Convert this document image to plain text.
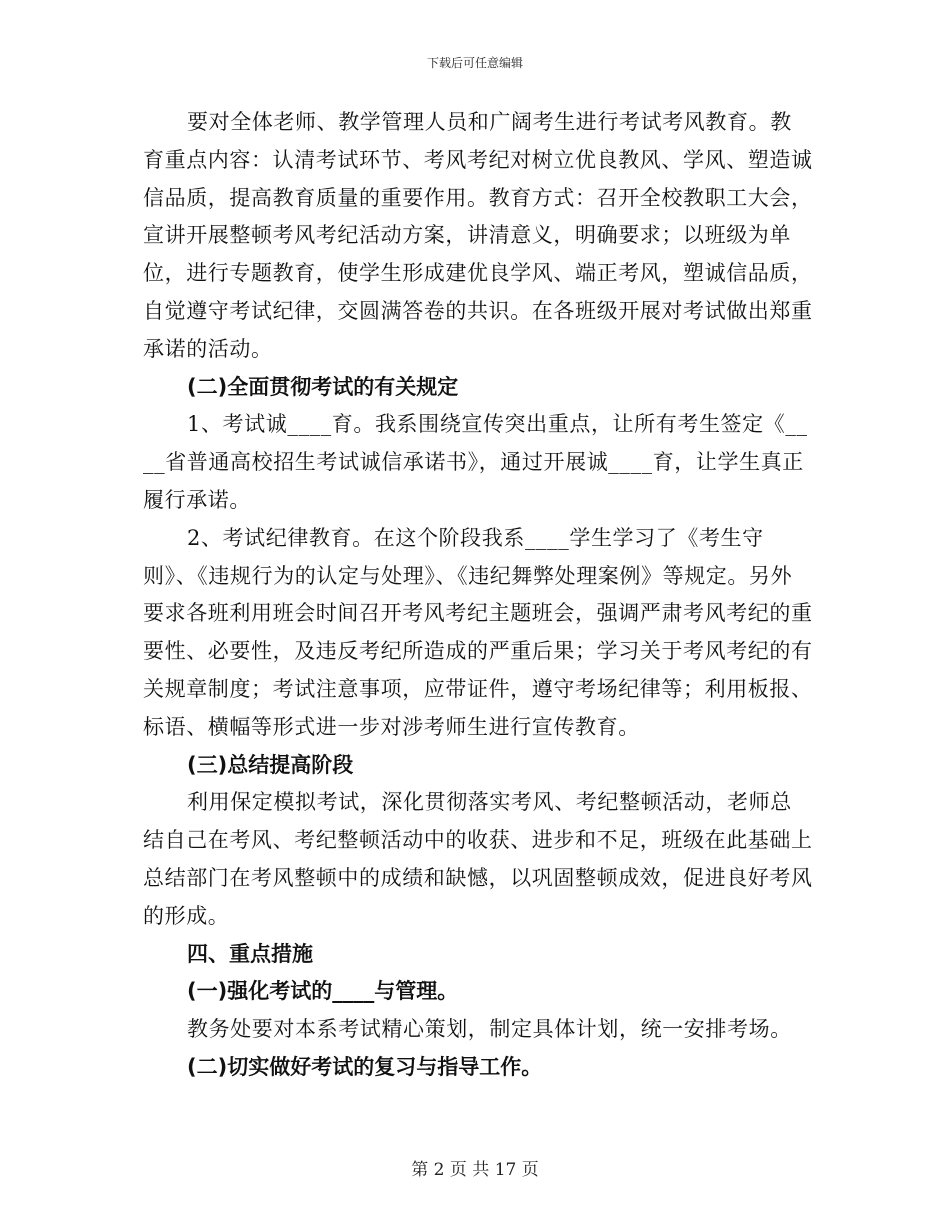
下载后可任意编辑

要对全体老师、教学管理人员和广阔考生进行考试考风教育。教育重点内容：认清考试环节、考风考纪对树立优良教风、学风、塑造诚信品质，提高教育质量的重要作用。教育方式：召开全校教职工大会，宣讲开展整顿考风考纪活动方案，讲清意义，明确要求；以班级为单位，进行专题教育，使学生形成建优良学风、端正考风，塑诚信品质，自觉遵守考试纪律，交圆满答卷的共识。在各班级开展对考试做出郑重承诺的活动。

(二)全面贯彻考试的有关规定

1、考试诚____育。我系围绕宣传突出重点，让所有考生签定《____省普通高校招生考试诚信承诺书》，通过开展诚____育，让学生真正履行承诺。

2、考试纪律教育。在这个阶段我系____学生学习了《考生守则》、《违规行为的认定与处理》、《违纪舞弊处理案例》等规定。另外要求各班利用班会时间召开考风考纪主题班会，强调严肃考风考纪的重要性、必要性，及违反考纪所造成的严重后果；学习关于考风考纪的有关规章制度；考试注意事项，应带证件，遵守考场纪律等；利用板报、标语、横幅等形式进一步对涉考师生进行宣传教育。

(三)总结提高阶段

利用保定模拟考试，深化贯彻落实考风、考纪整顿活动，老师总结自己在考风、考纪整顿活动中的收获、进步和不足，班级在此基础上总结部门在考风整顿中的成绩和缺憾，以巩固整顿成效，促进良好考风的形成。

四、重点措施

(一)强化考试的____与管理。

教务处要对本系考试精心策划，制定具体计划，统一安排考场。

(二)切实做好考试的复习与指导工作。

第 2 页 共 17 页
